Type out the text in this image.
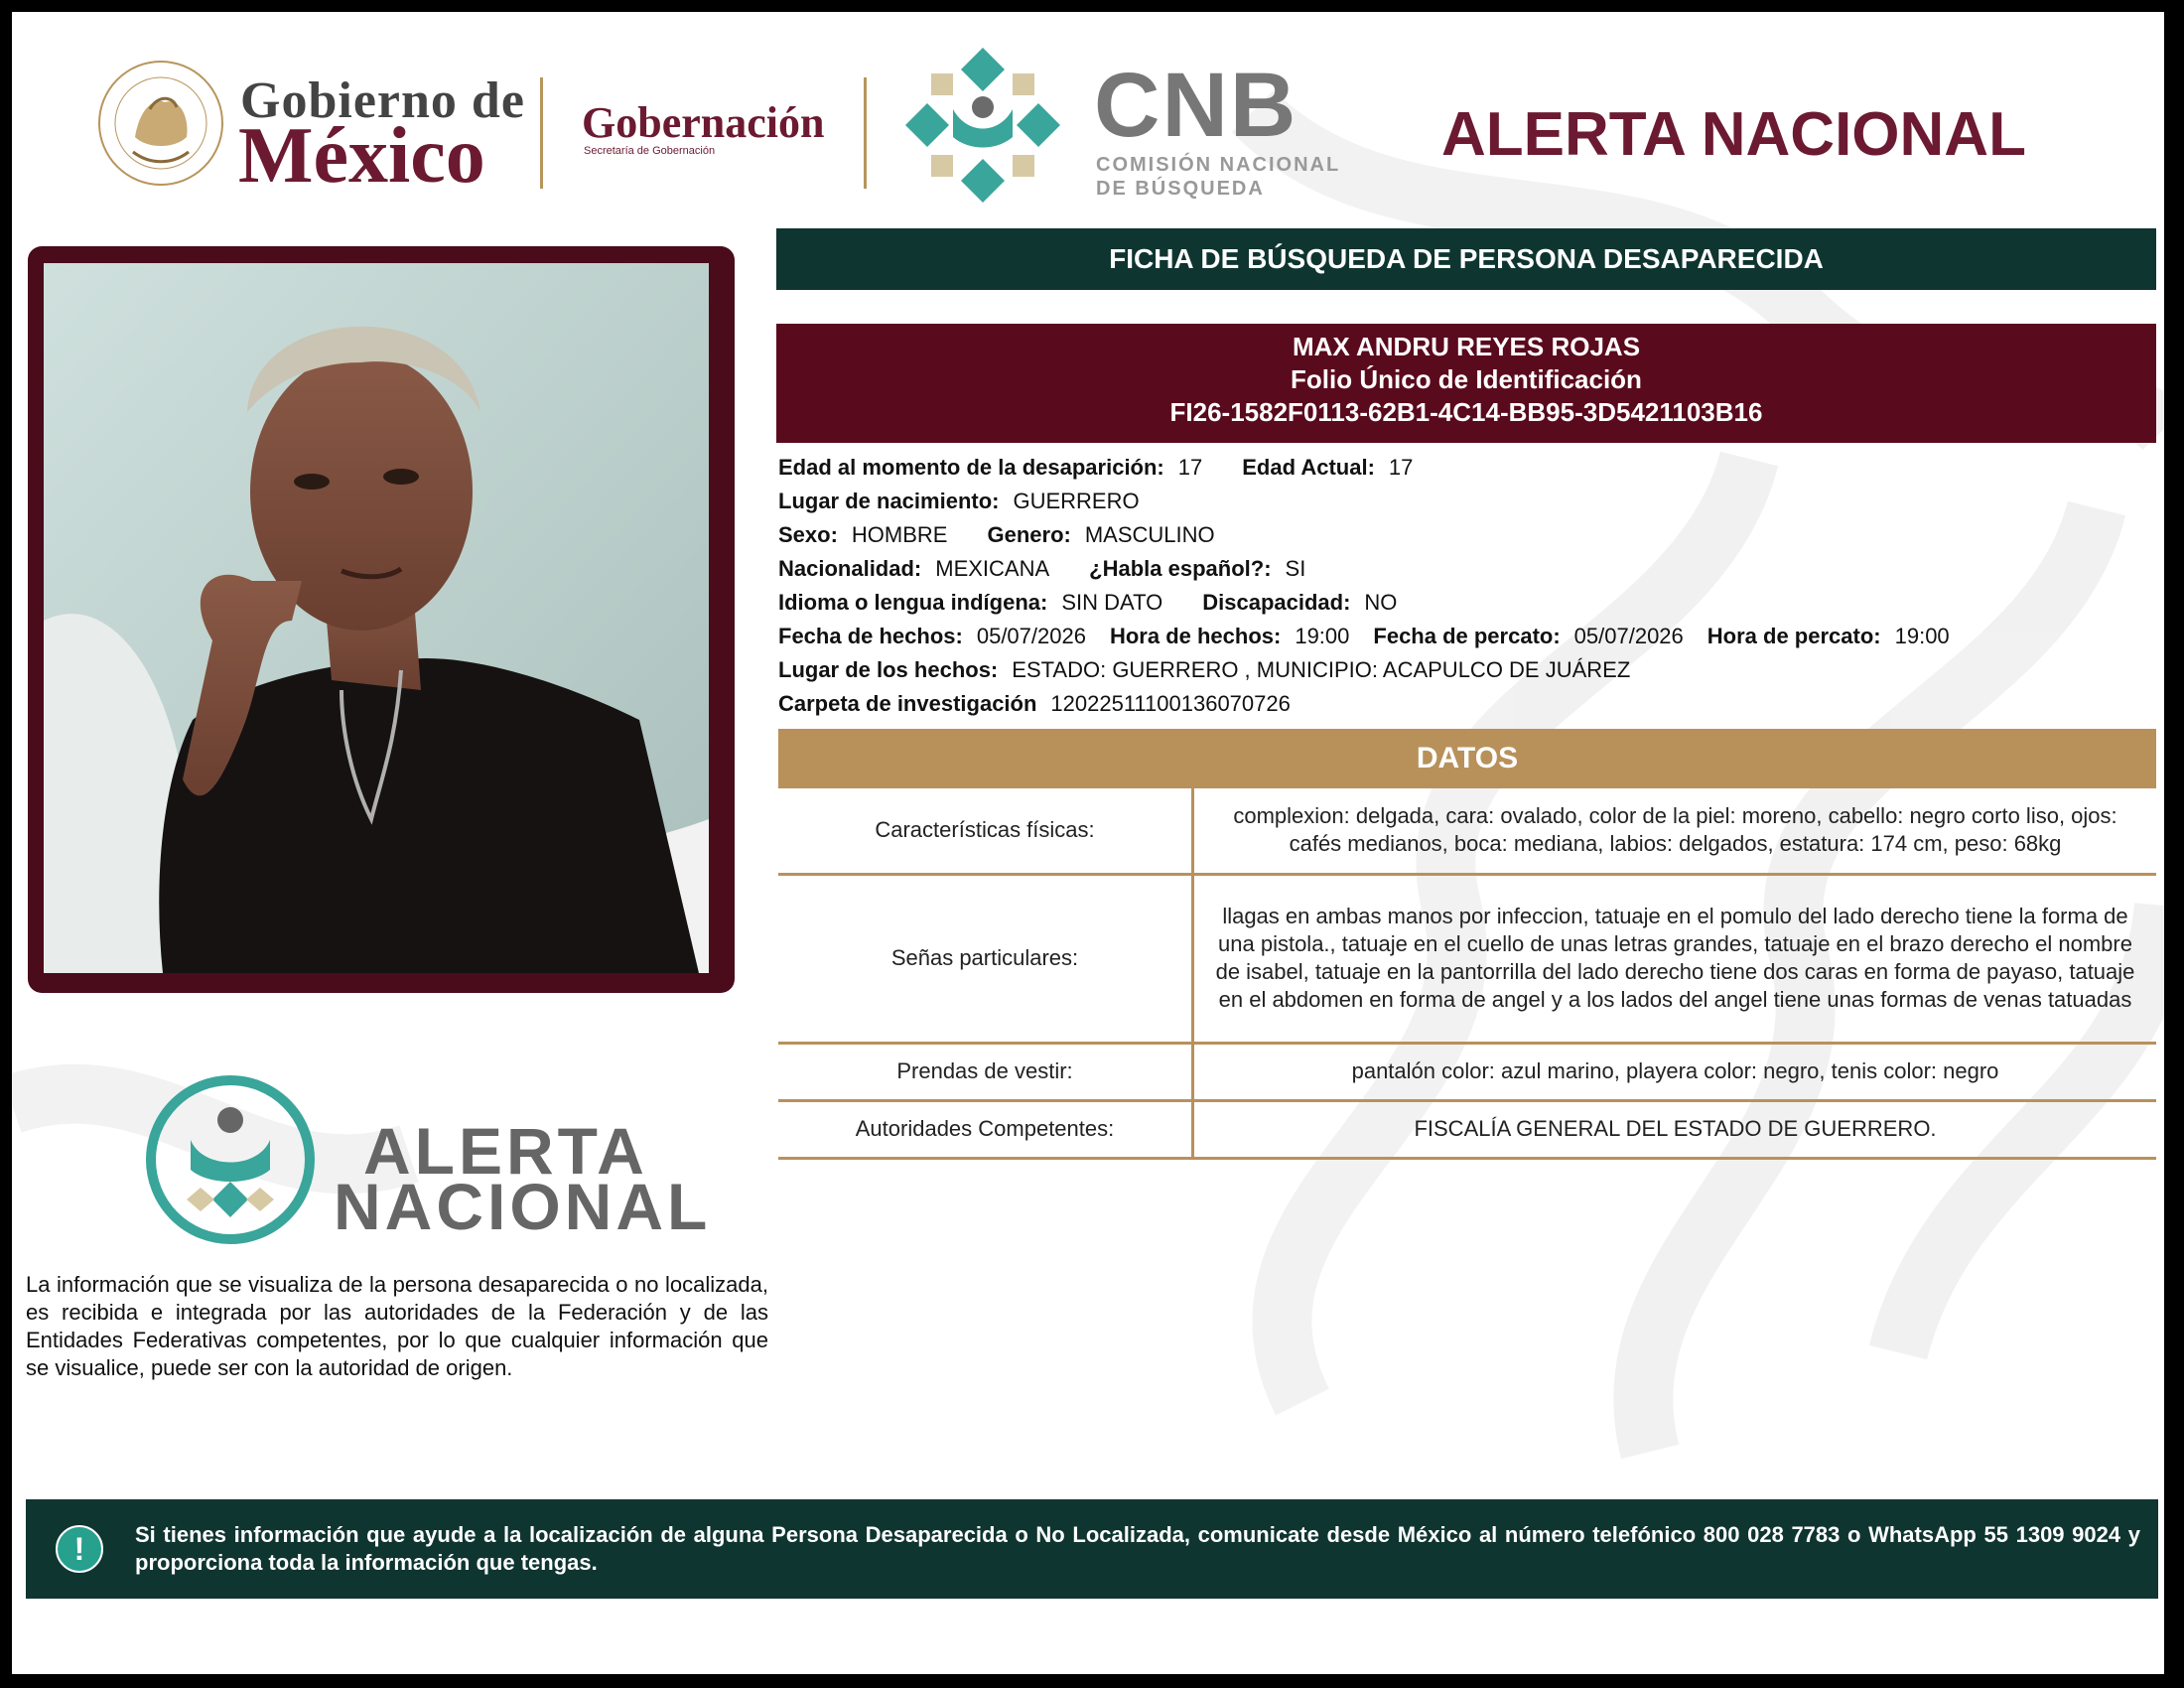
Gobierno de
México Gobernación
Secretaría de Gobernación	CNB
COMISIÓN NACIONAL
DE BÚSQUEDA
ALERTA NACIONAL
FICHA DE BÚSQUEDA DE PERSONA DESAPARECIDA
MAX ANDRU REYES ROJAS
Folio Único de Identificación
FI26-1582F0113-62B1-4C14-BB95-3D5421103B16
Edad al momento de la desaparición: 17 Edad Actual: 17
Lugar de nacimiento: GUERRERO
Sexo: HOMBRE Genero: MASCULINO
Nacionalidad: MEXICANA ¿Habla español?: SI
Idioma o lengua indígena: SIN DATO Discapacidad: NO
Fecha de hechos: 05/07/2026 Hora de hechos: 19:00 Fecha de percato: 05/07/2026 Hora de percato: 19:00
Lugar de los hechos: ESTADO: GUERRERO , MUNICIPIO: ACAPULCO DE JUÁREZ
Carpeta de investigación 12022511100136070726
DATOS
Características físicas:	complexion: delgada, cara: ovalado, color de la piel: moreno, cabello: negro corto liso, ojos: cafés medianos, boca: mediana, labios: delgados, estatura: 174 cm, peso: 68kg
Señas particulares:	llagas en ambas manos por infeccion, tatuaje en el pomulo del lado derecho tiene la forma de una pistola., tatuaje en el cuello de unas letras grandes, tatuaje en el brazo derecho el nombre de isabel, tatuaje en la pantorrilla del lado derecho tiene dos caras en forma de payaso, tatuaje en el abdomen en forma de angel y a los lados del angel tiene unas formas de venas tatuadas
Prendas de vestir:	pantalón color: azul marino, playera color: negro, tenis color: negro
Autoridades Competentes:	FISCALÍA GENERAL DEL ESTADO DE GUERRERO.
ALERTA
NACIONAL
La información que se visualiza de la persona desaparecida o no localizada, es recibida e integrada por las autoridades de la Federación y de las Entidades Federativas competentes, por lo que cualquier información que se visualice, puede ser con la autoridad de origen.
!	Si tienes información que ayude a la localización de alguna Persona Desaparecida o No Localizada, comunicate desde México al número telefónico 800 028 7783 o WhatsApp 55 1309 9024 y proporciona toda la información que tengas.
